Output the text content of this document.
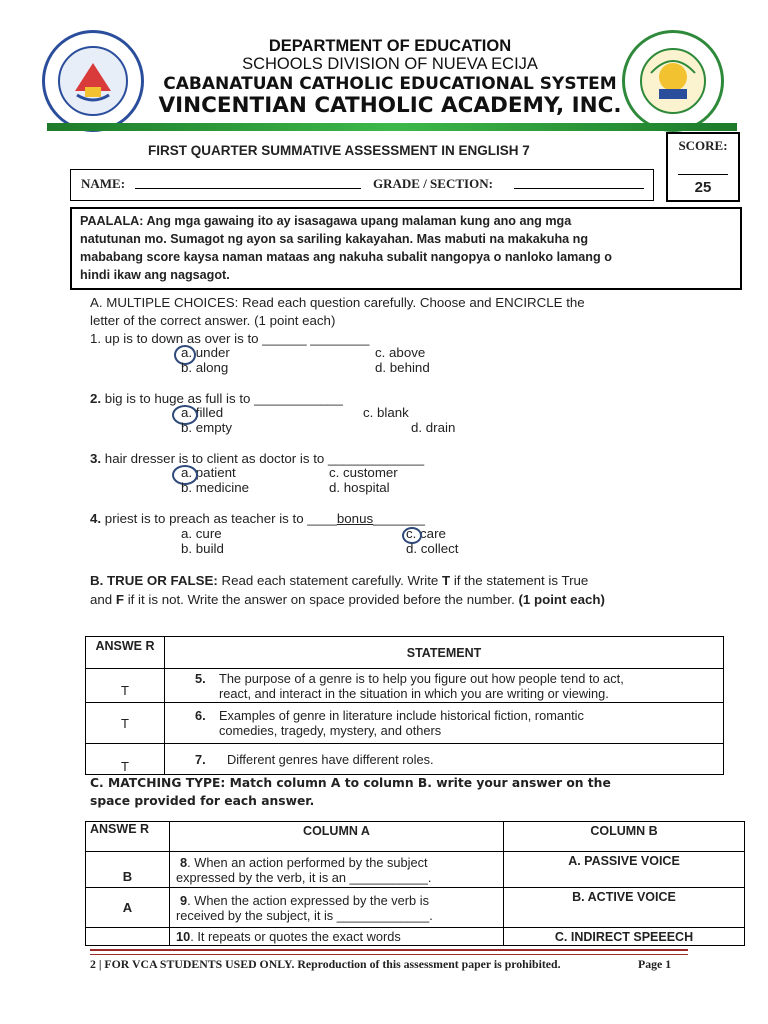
DEPARTMENT OF EDUCATION
SCHOOLS DIVISION OF NUEVA ECIJA
CABANATUAN CATHOLIC EDUCATIONAL SYSTEM
VINCENTIAN CATHOLIC ACADEMY, INC.
FIRST QUARTER SUMMATIVE ASSESSMENT IN ENGLISH 7	SCORE:
25
NAME:	GRADE / SECTION:
PAALALA: Ang mga gawaing ito ay isasagawa upang malaman kung ano ang mga
natutunan mo. Sumagot ng ayon sa sariling kakayahan. Mas mabuti na makakuha ng
mababang score kaysa naman mataas ang nakuha subalit nangopya o nanloko lamang o
hindi ikaw ang nagsagot.
A. MULTIPLE CHOICES: Read each question carefully. Choose and ENCIRCLE the
letter of the correct answer. (1 point each)
1. up is to down as over is to ______ ________
a. under	c. above
b. along	d. behind
2. big is to huge as full is to ____________
a. filled	c. blank
b. empty	d. drain
3. hair dresser is to client as doctor is to _____________
a. patient	c. customer
b. medicine	d. hospital
4. priest is to preach as teacher is to ____bonus_______
a. cure	c. care
b. build	d. collect
B. TRUE OR FALSE: Read each statement carefully. Write T if the statement is True
and F if it is not. Write the answer on space provided before the number. (1 point each)
ANSWE R	STATEMENT
T	5. The purpose of a genre is to help you figure out how people tend to act,
react, and interact in the situation in which you are writing or viewing.

T	6. Examples of genre in literature include historical fiction, romantic
comedies, tragedy, mystery, and others

T	7. Different genres have different roles.
C. MATCHING TYPE: Match column A to column B. write your answer on the
space provided for each answer.
ANSWE R	COLUMN A	COLUMN B
B	8. When an action performed by the subject
expressed by the verb, it is an ___________.	A. PASSIVE VOICE
A	9. When the action expressed by the verb is
received by the subject, it is _____________.	B. ACTIVE VOICE

	10. It repeats or quotes the exact words	C. INDIRECT SPEEECH
2 | FOR VCA STUDENTS USED ONLY. Reproduction of this assessment paper is prohibited.	Page 1
